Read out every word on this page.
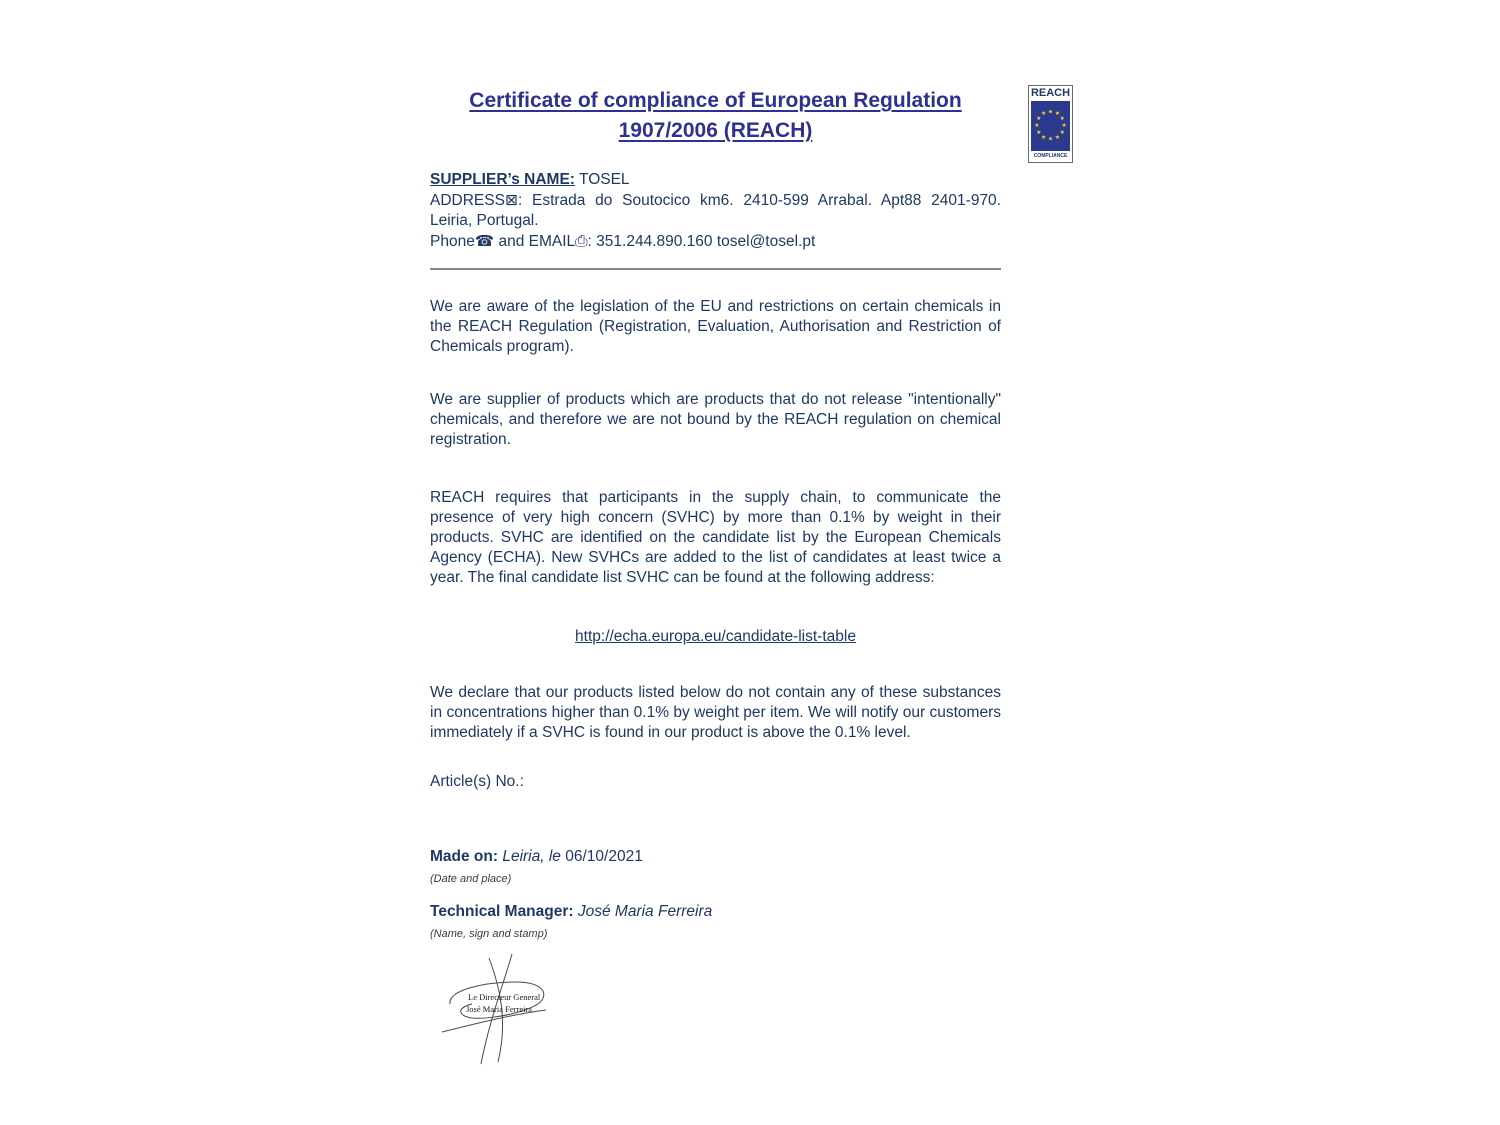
REACH
★ ★
★
★
★
★
★
★
★
★
★
★
COMPLIANCE
Certificate of compliance of European Regulation
1907/2006 (REACH)
SUPPLIER’s NAME: TOSEL
ADDRESS⊠: Estrada do Soutocico km6. 2410-599 Arrabal. Apt88 2401-970. Leiria, Portugal.
Phone☎ and EMAIL⎙: 351.244.890.160 tosel@tosel.pt

We are aware of the legislation of the EU and restrictions on certain chemicals in the REACH Regulation (Registration, Evaluation, Authorisation and Restriction of Chemicals program).

We are supplier of products which are products that do not release "intentionally" chemicals, and therefore we are not bound by the REACH regulation on chemical registration.

REACH requires that participants in the supply chain, to communicate the presence of very high concern (SVHC) by more than 0.1% by weight in their products. SVHC are identified on the candidate list by the European Chemicals Agency (ECHA). New SVHCs are added to the list of candidates at least twice a year. The final candidate list SVHC can be found at the following address:

http://echa.europa.eu/candidate-list-table

We declare that our products listed below do not contain any of these substances in concentrations higher than 0.1% by weight per item. We will notify our customers immediately if a SVHC is found in our product is above the 0.1% level.

Article(s) No.:
Made on: Leiria, le 06/10/2021
(Date and place)
Technical Manager: José Maria Ferreira
(Name, sign and stamp)
Le Directeur General
José Maria Ferreira
